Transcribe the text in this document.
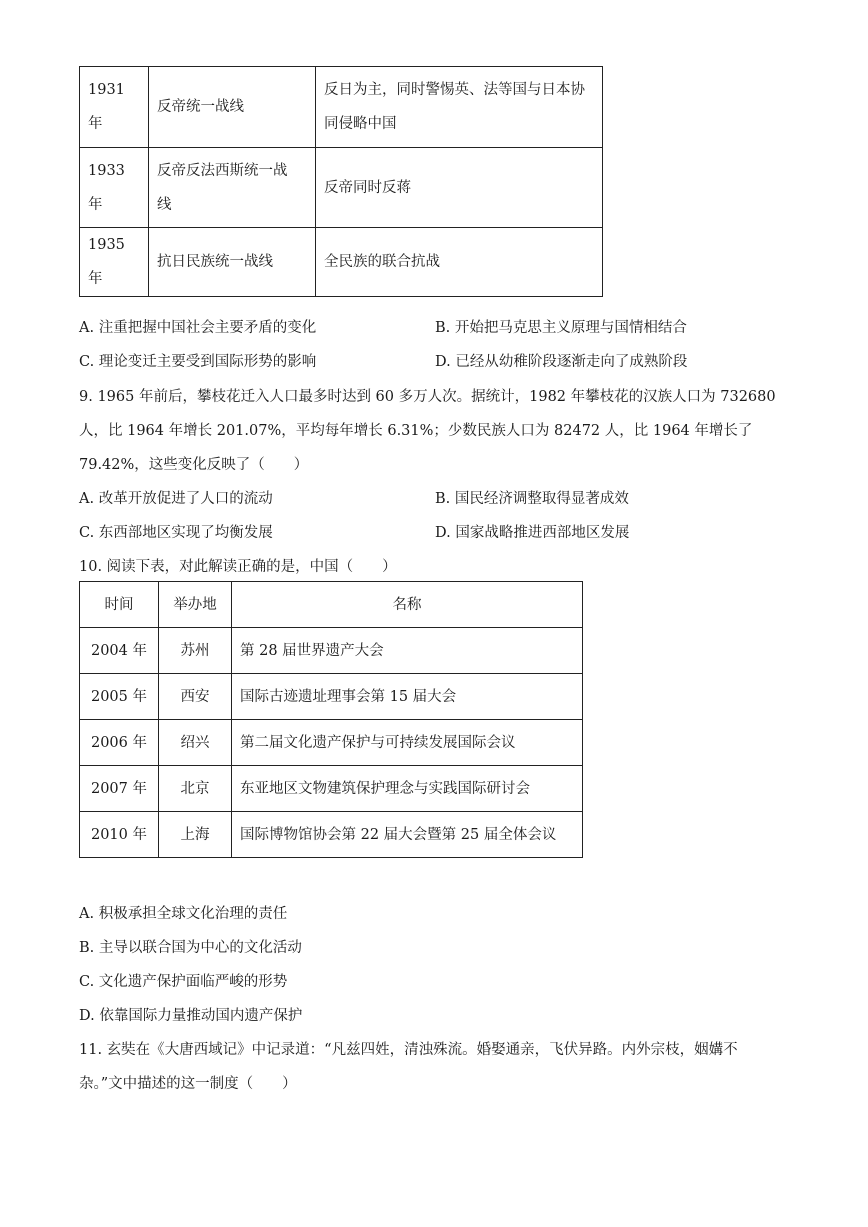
1931 年	反帝统一战线	反日为主，同时警惕英、法等国与日本协
同侵略中国

1933 年	反帝反法西斯统一战
线	反帝同时反蒋
1935 年	抗日民族统一战线	全民族的联合抗战
A. 注重把握中国社会主要矛盾的变化	B. 开始把马克思主义原理与国情相结合
C. 理论变迁主要受到国际形势的影响	D. 已经从幼稚阶段逐渐走向了成熟阶段
9. 1965 年前后，攀枝花迁入人口最多时达到 60 多万人次。据统计，1982 年攀枝花的汉族人口为 732680
人，比 1964 年增长 201.07%，平均每年增长 6.31%；少数民族人口为 82472 人，比 1964 年增长了
79.42%，这些变化反映了（　　）
A. 改革开放促进了人口的流动	B. 国民经济调整取得显著成效
C. 东西部地区实现了均衡发展	D. 国家战略推进西部地区发展
10. 阅读下表，对此解读正确的是，中国（　　）
时间	举办地	名称
2004 年	苏州	第 28 届世界遗产大会
2005 年	西安	国际古迹遗址理事会第 15 届大会
2006 年	绍兴	第二届文化遗产保护与可持续发展国际会议
2007 年	北京	东亚地区文物建筑保护理念与实践国际研讨会
2010 年	上海	国际博物馆协会第 22 届大会暨第 25 届全体会议
A. 积极承担全球文化治理的责任
B. 主导以联合国为中心的文化活动
C. 文化遗产保护面临严峻的形势
D. 依靠国际力量推动国内遗产保护
11. 玄奘在《大唐西域记》中记录道：“凡兹四姓，清浊殊流。婚娶通亲，飞伏异路。内外宗枝，姻媾不
杂。”文中描述的这一制度（　　）
